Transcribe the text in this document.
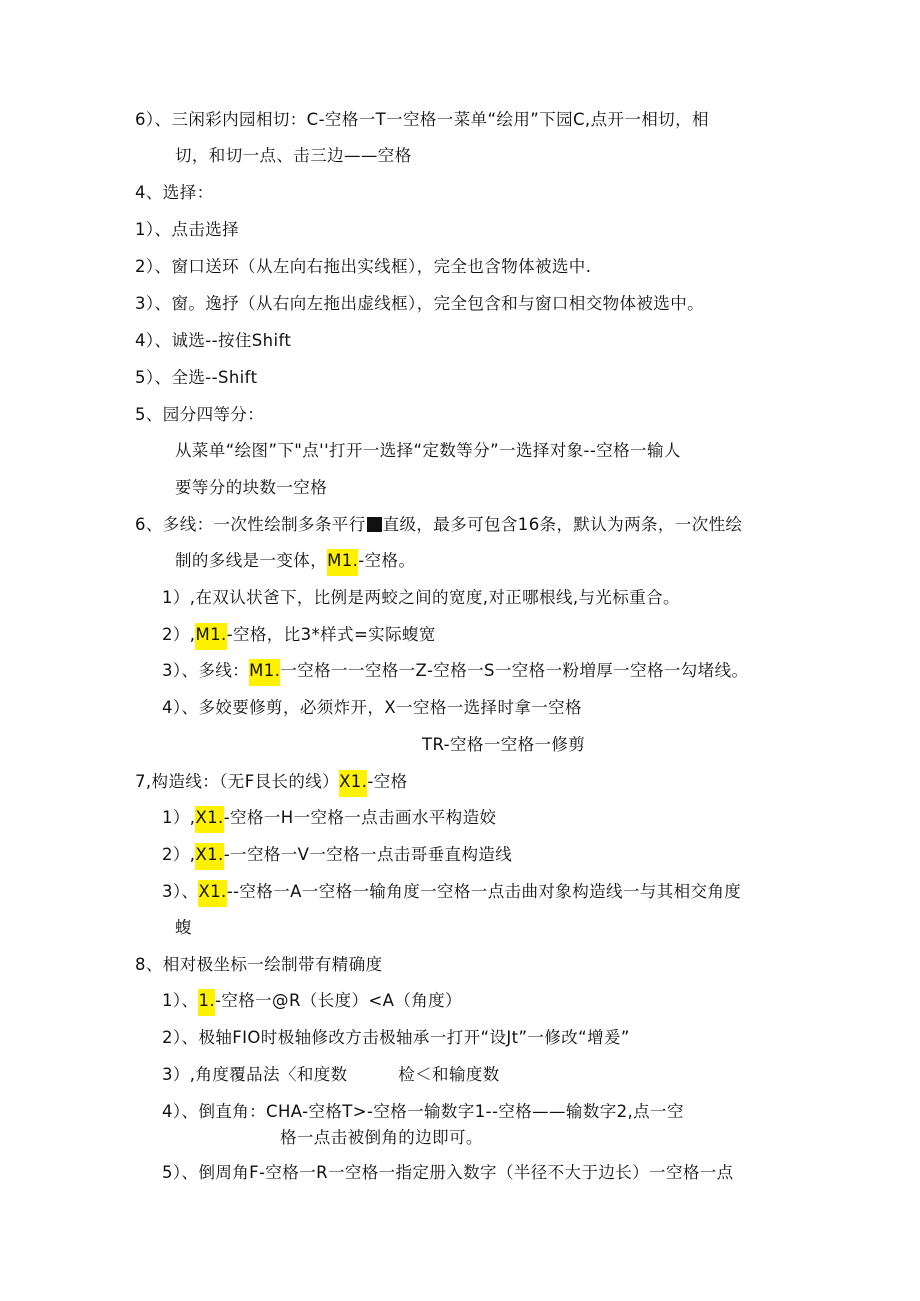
6）、三闲彩内园相切：C-空格一T一空格一菜单“绘用”下园C,点开一相切，相
切，和切一点、击三边——空格
4、选择：
1）、点击选择
2）、窗口送环（从左向右拖出实线框），完全也含物体被选中.
3）、窗。逸抒（从右向左拖出虚线框），完全包含和与窗口相交物体被选中。
4）、诚选--按住Shift
5）、全选--Shift
5、园分四等分：
从菜单“绘图”下"点''打开一选择“定数等分”一选择对象--空格一输人
要等分的块数一空格
6、多线：一次性绘制多条平行 直级，最多可包含16条，默认为两条，一次性绘
制的多线是一变体，M1.-空格。
1）,在双认状爸下，比例是两蛟之间的宽度,对正哪根线,与光标重合。
2）,M1.-空格，比3*样式=实际蝮宽
3）、多线：M1.一空格一一空格一Z-空格一S一空格一粉増厚一空格一勾堵线。
4）、多姣要修剪，必须炸开，X一空格一选择时拿一空格
TR-空格一空格一修剪
7,构造线：（无F艮长的线）X1.-空格
1）,X1.-空格一H一空格一点击画水平构造姣
2）,X1.-一空格一V一空格一点击哥垂直构造线
3）、X1.--空格一A一空格一输角度一空格一点击曲对象构造线一与其相交角度
蝮
8、相对极坐标一绘制带有精确度
1）、1.-空格一@R（长度）<A（角度）
2）、极轴FIO时极轴修改方击极轴承一打开“设Jt”一修改“增爰”
3）,角度覆品法〈和度数　　　检＜和输度数
4）、倒直角：CHA-空格T>-空格一输数字1--空格——输数字2,点一空
格一点击被倒角的边即可。
5）、倒周角F-空格一R一空格一指定册入数字（半径不大于边长）一空格一点
